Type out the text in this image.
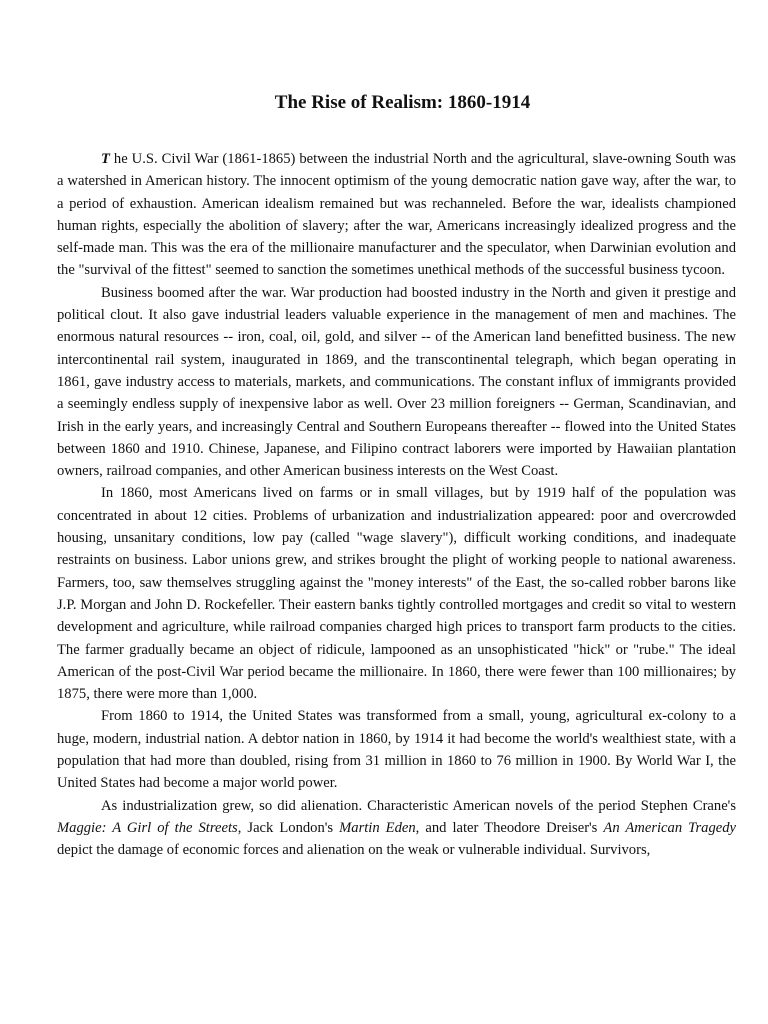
The Rise of Realism: 1860-1914

T he U.S. Civil War (1861-1865) between the industrial North and the agricultural, slave-owning South was a watershed in American history. The innocent optimism of the young democratic nation gave way, after the war, to a period of exhaustion. American idealism remained but was rechanneled. Before the war, idealists championed human rights, especially the abolition of slavery; after the war, Americans increasingly idealized progress and the self-made man. This was the era of the millionaire manufacturer and the speculator, when Darwinian evolution and the "survival of the fittest" seemed to sanction the sometimes unethical methods of the successful business tycoon.

Business boomed after the war. War production had boosted industry in the North and given it prestige and political clout. It also gave industrial leaders valuable experience in the management of men and machines. The enormous natural resources -- iron, coal, oil, gold, and silver -- of the American land benefitted business. The new intercontinental rail system, inaugurated in 1869, and the transcontinental telegraph, which began operating in 1861, gave industry access to materials, markets, and communications. The constant influx of immigrants provided a seemingly endless supply of inexpensive labor as well. Over 23 million foreigners -- German, Scandinavian, and Irish in the early years, and increasingly Central and Southern Europeans thereafter -- flowed into the United States between 1860 and 1910. Chinese, Japanese, and Filipino contract laborers were imported by Hawaiian plantation owners, railroad companies, and other American business interests on the West Coast.

In 1860, most Americans lived on farms or in small villages, but by 1919 half of the population was concentrated in about 12 cities. Problems of urbanization and industrialization appeared: poor and overcrowded housing, unsanitary conditions, low pay (called "wage slavery"), difficult working conditions, and inadequate restraints on business. Labor unions grew, and strikes brought the plight of working people to national awareness. Farmers, too, saw themselves struggling against the "money interests" of the East, the so-called robber barons like J.P. Morgan and John D. Rockefeller. Their eastern banks tightly controlled mortgages and credit so vital to western development and agriculture, while railroad companies charged high prices to transport farm products to the cities. The farmer gradually became an object of ridicule, lampooned as an unsophisticated "hick" or "rube." The ideal American of the post-Civil War period became the millionaire. In 1860, there were fewer than 100 millionaires; by 1875, there were more than 1,000.

From 1860 to 1914, the United States was transformed from a small, young, agricultural ex-colony to a huge, modern, industrial nation. A debtor nation in 1860, by 1914 it had become the world's wealthiest state, with a population that had more than doubled, rising from 31 million in 1860 to 76 million in 1900. By World War I, the United States had become a major world power.

As industrialization grew, so did alienation. Characteristic American novels of the period Stephen Crane's Maggie: A Girl of the Streets, Jack London's Martin Eden, and later Theodore Dreiser's An American Tragedy depict the damage of economic forces and alienation on the weak or vulnerable individual. Survivors,
